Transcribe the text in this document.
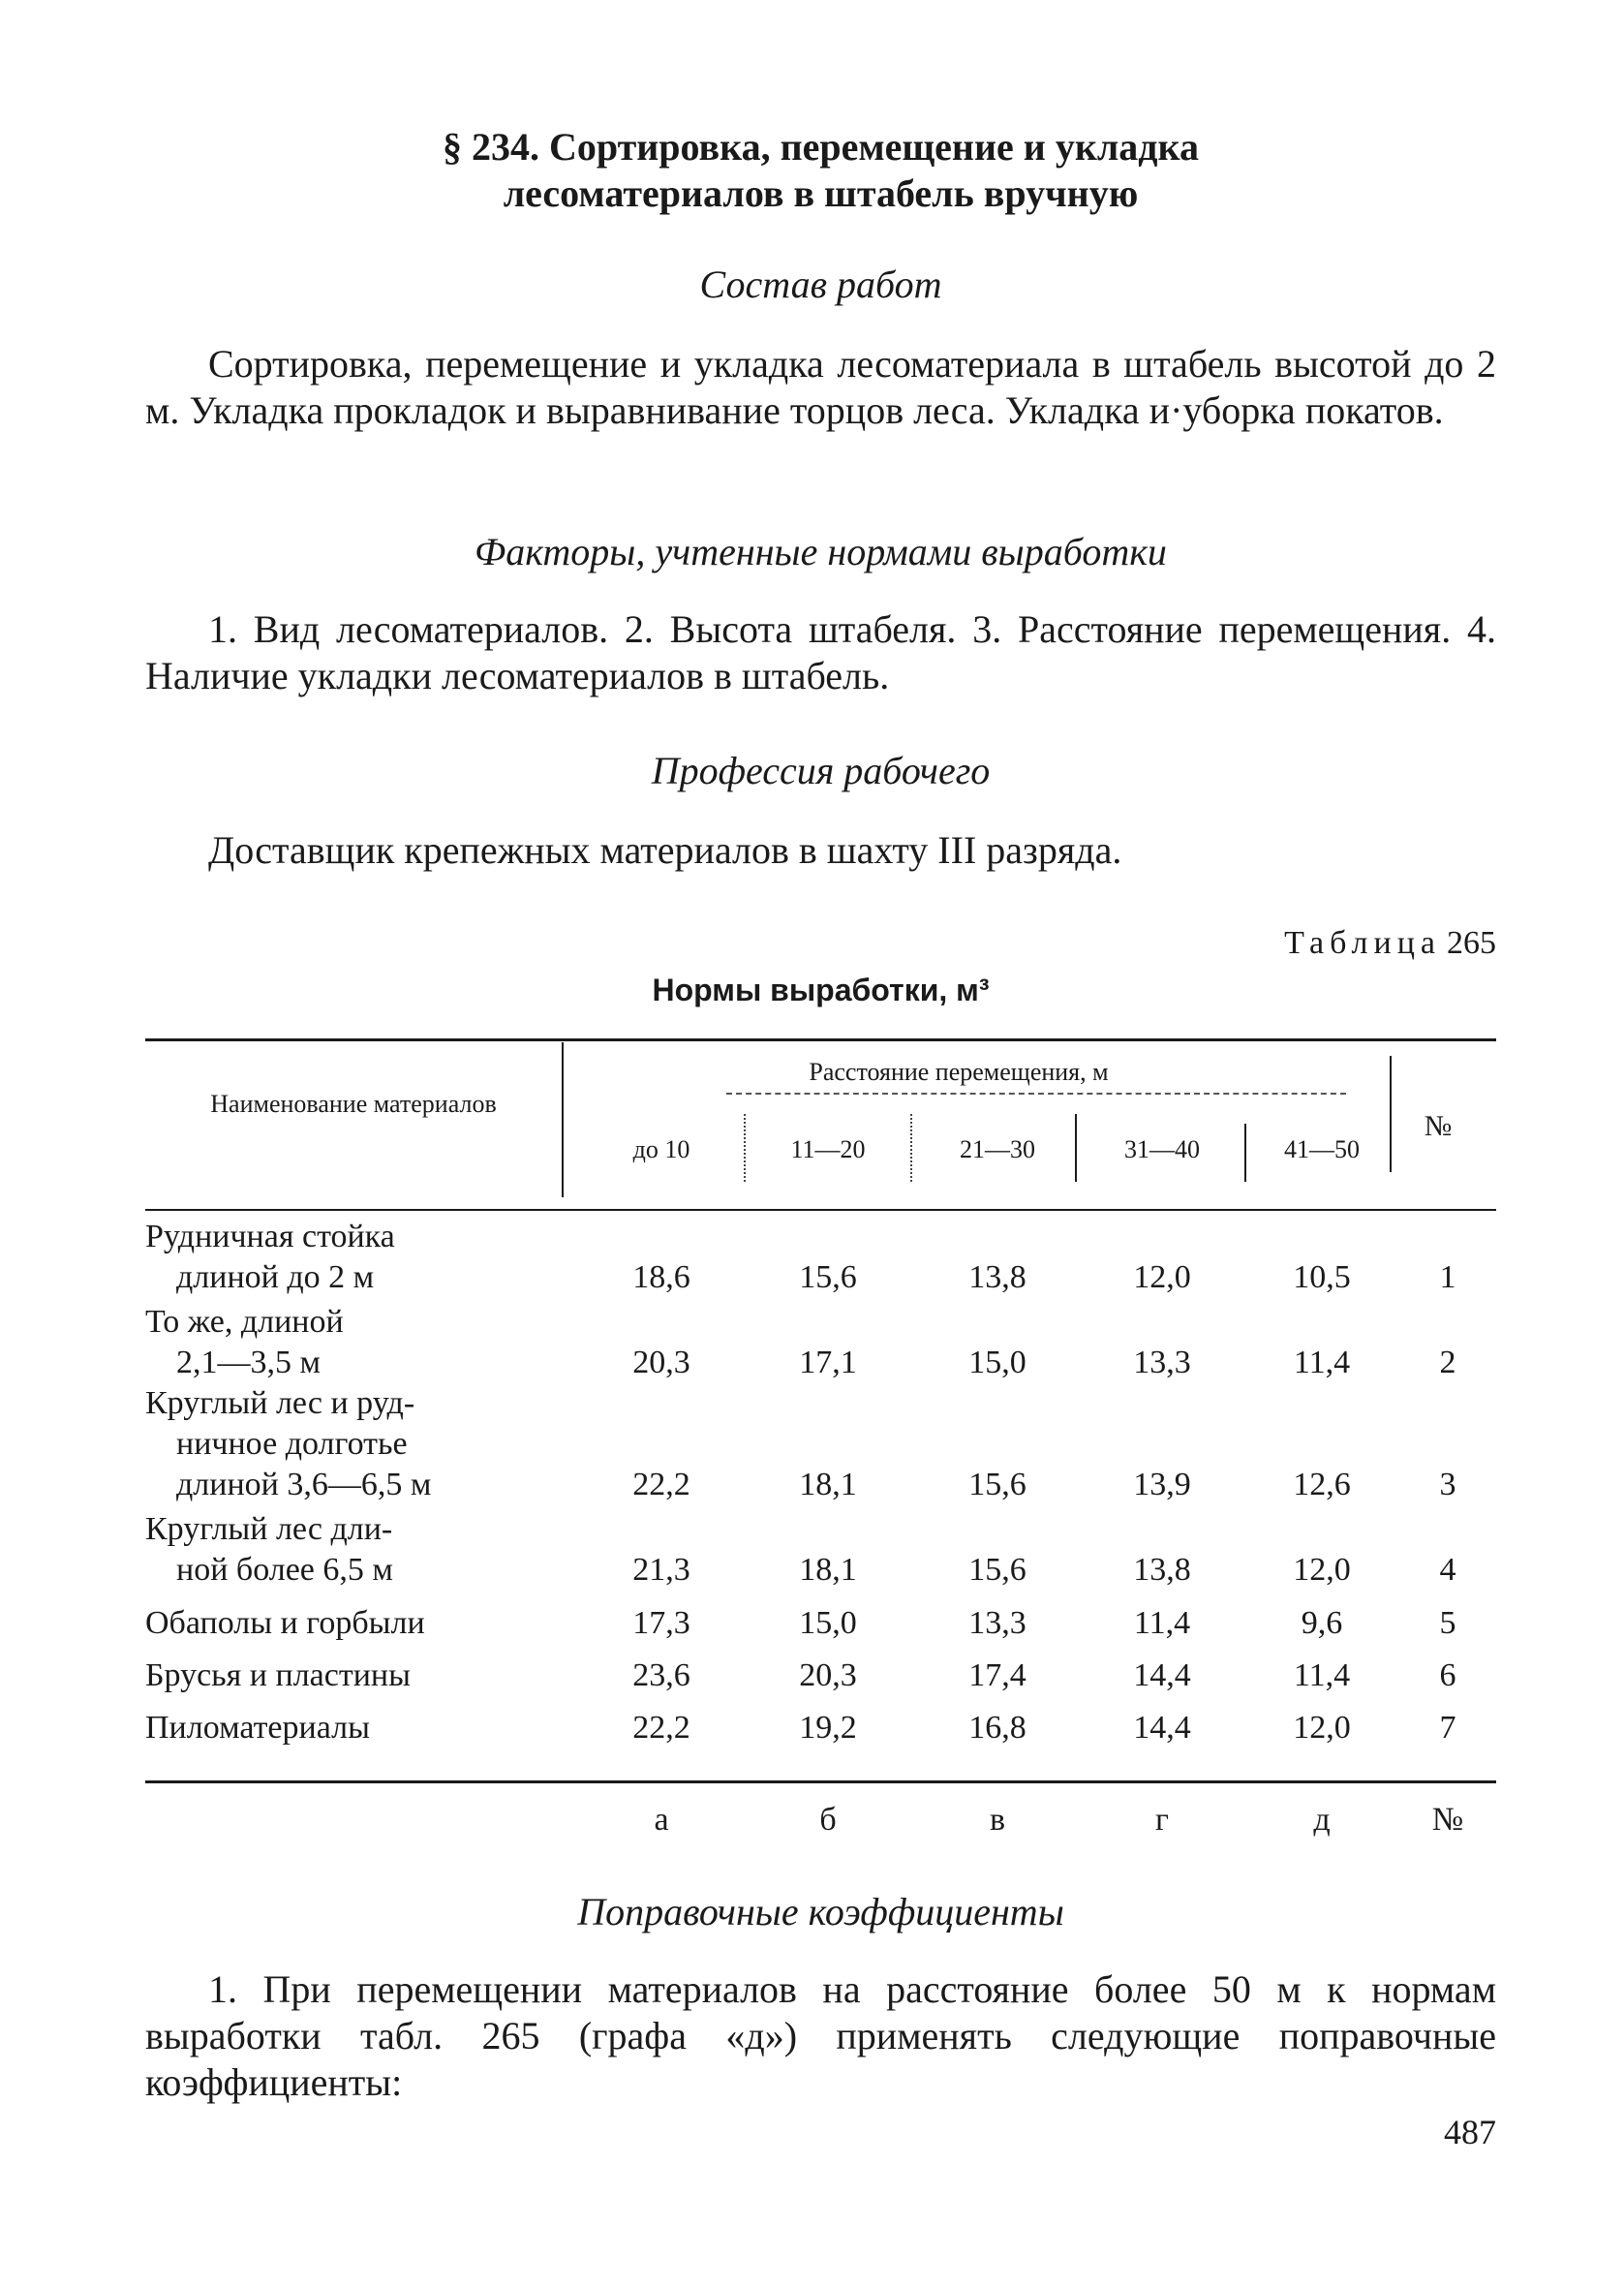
§ 234. Сортировка, перемещение и укладка
лесоматериалов в штабель вручную

Состав работ

Сортировка, перемещение и укладка лесоматериала в штабель высотой до 2 м. Укладка прокладок и выравнивание торцов леса. Укладка и·уборка покатов.

Факторы, учтенные нормами выработки

1. Вид лесоматериалов. 2. Высота штабеля. 3. Расстояние перемещения. 4. Наличие укладки лесоматериалов в штабель.

Профессия рабочего

Доставщик крепежных материалов в шахту III разряда.

Таблица 265
Нормы выработки, м³
Наименование материалов
Расстояние перемещения, м
№
до 10	11—20	21—30	31—40	41—50
Рудничная стойка
длиной до 2 м	18,6	15,6	13,8	12,0	10,5	1
То же, длиной
2,1—3,5 м	20,3	17,1	15,0	13,3	11,4	2
Круглый лес и руд-
ничное долготье
длиной 3,6—6,5 м	22,2	18,1	15,6	13,9	12,6	3
Круглый лес дли-
ной более 6,5 м	21,3	18,1	15,6	13,8	12,0	4
Обаполы и горбыли	17,3	15,0	13,3	11,4	9,6	5
Брусья и пластины	23,6	20,3	17,4	14,4	11,4	6
Пиломатериалы	22,2	19,2	16,8	14,4	12,0	7
а	б	в	г	д	№

Поправочные коэффициенты

1. При перемещении материалов на расстояние более 50 м к нормам выработки табл. 265 (графа «д») применять следующие поправочные коэффициенты:

487
